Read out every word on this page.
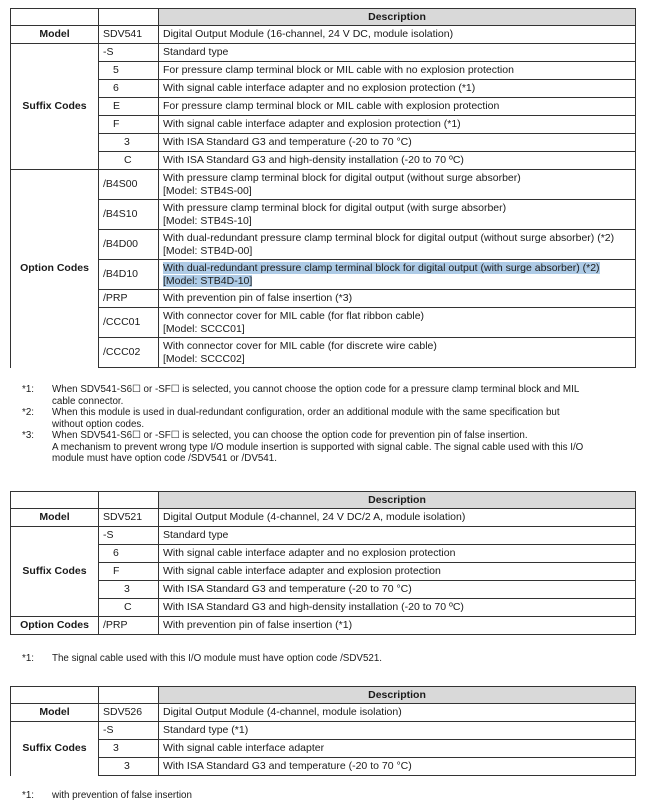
		Description
Model	SDV541	Digital Output Module (16-channel, 24 V DC, module isolation)
Suffix Codes	-S	Standard type
	5	For pressure clamp terminal block or MIL cable with no explosion protection
	6	With signal cable interface adapter and no explosion protection (*1)
	E	For pressure clamp terminal block or MIL cable with explosion protection
	F	With signal cable interface adapter and explosion protection (*1)
	3	With ISA Standard G3 and temperature (-20 to 70 °C)
	C	With ISA Standard G3 and high-density installation (-20 to 70 ºC)
Option Codes	/B4S00	With pressure clamp terminal block for digital output (without surge absorber)
[Model: STB4S-00]

	/B4S10	With pressure clamp terminal block for digital output (with surge absorber)
[Model: STB4S-10]

	/B4D00	With dual-redundant pressure clamp terminal block for digital output (without surge absorber) (*2)
[Model: STB4D-00]

	/B4D10	With dual-redundant pressure clamp terminal block for digital output (with surge absorber) (*2)
[Model: STB4D-10]

	/PRP	With prevention pin of false insertion (*3)
	/CCC01	With connector cover for MIL cable (for flat ribbon cable)
[Model: SCCC01]

	/CCC02	With connector cover for MIL cable (for discrete wire cable)
[Model: SCCC02]
*1:	When SDV541-S6☐ or -SF☐ is selected, you cannot choose the option code for a pressure clamp terminal block and MIL
cable connector.
*2:	When this module is used in dual-redundant configuration, order an additional module with the same specification but
without option codes.
*3:	When SDV541-S6☐ or -SF☐ is selected, you can choose the option code for prevention pin of false insertion.
A mechanism to prevent wrong type I/O module insertion is supported with signal cable. The signal cable used with this I/O
module must have option code /SDV541 or /DV541.
		Description
Model	SDV521	Digital Output Module (4-channel, 24 V DC/2 A, module isolation)
Suffix Codes	-S	Standard type
	6	With signal cable interface adapter and no explosion protection
	F	With signal cable interface adapter and explosion protection
	3	With ISA Standard G3 and temperature (-20 to 70 °C)
	C	With ISA Standard G3 and high-density installation (-20 to 70 ºC)
Option Codes	/PRP	With prevention pin of false insertion (*1)
*1:	The signal cable used with this I/O module must have option code /SDV521.
		Description
Model	SDV526	Digital Output Module (4-channel, module isolation)
Suffix Codes	-S	Standard type (*1)
	3	With signal cable interface adapter
	3	With ISA Standard G3 and temperature (-20 to 70 °C)
*1:	with prevention of false insertion
